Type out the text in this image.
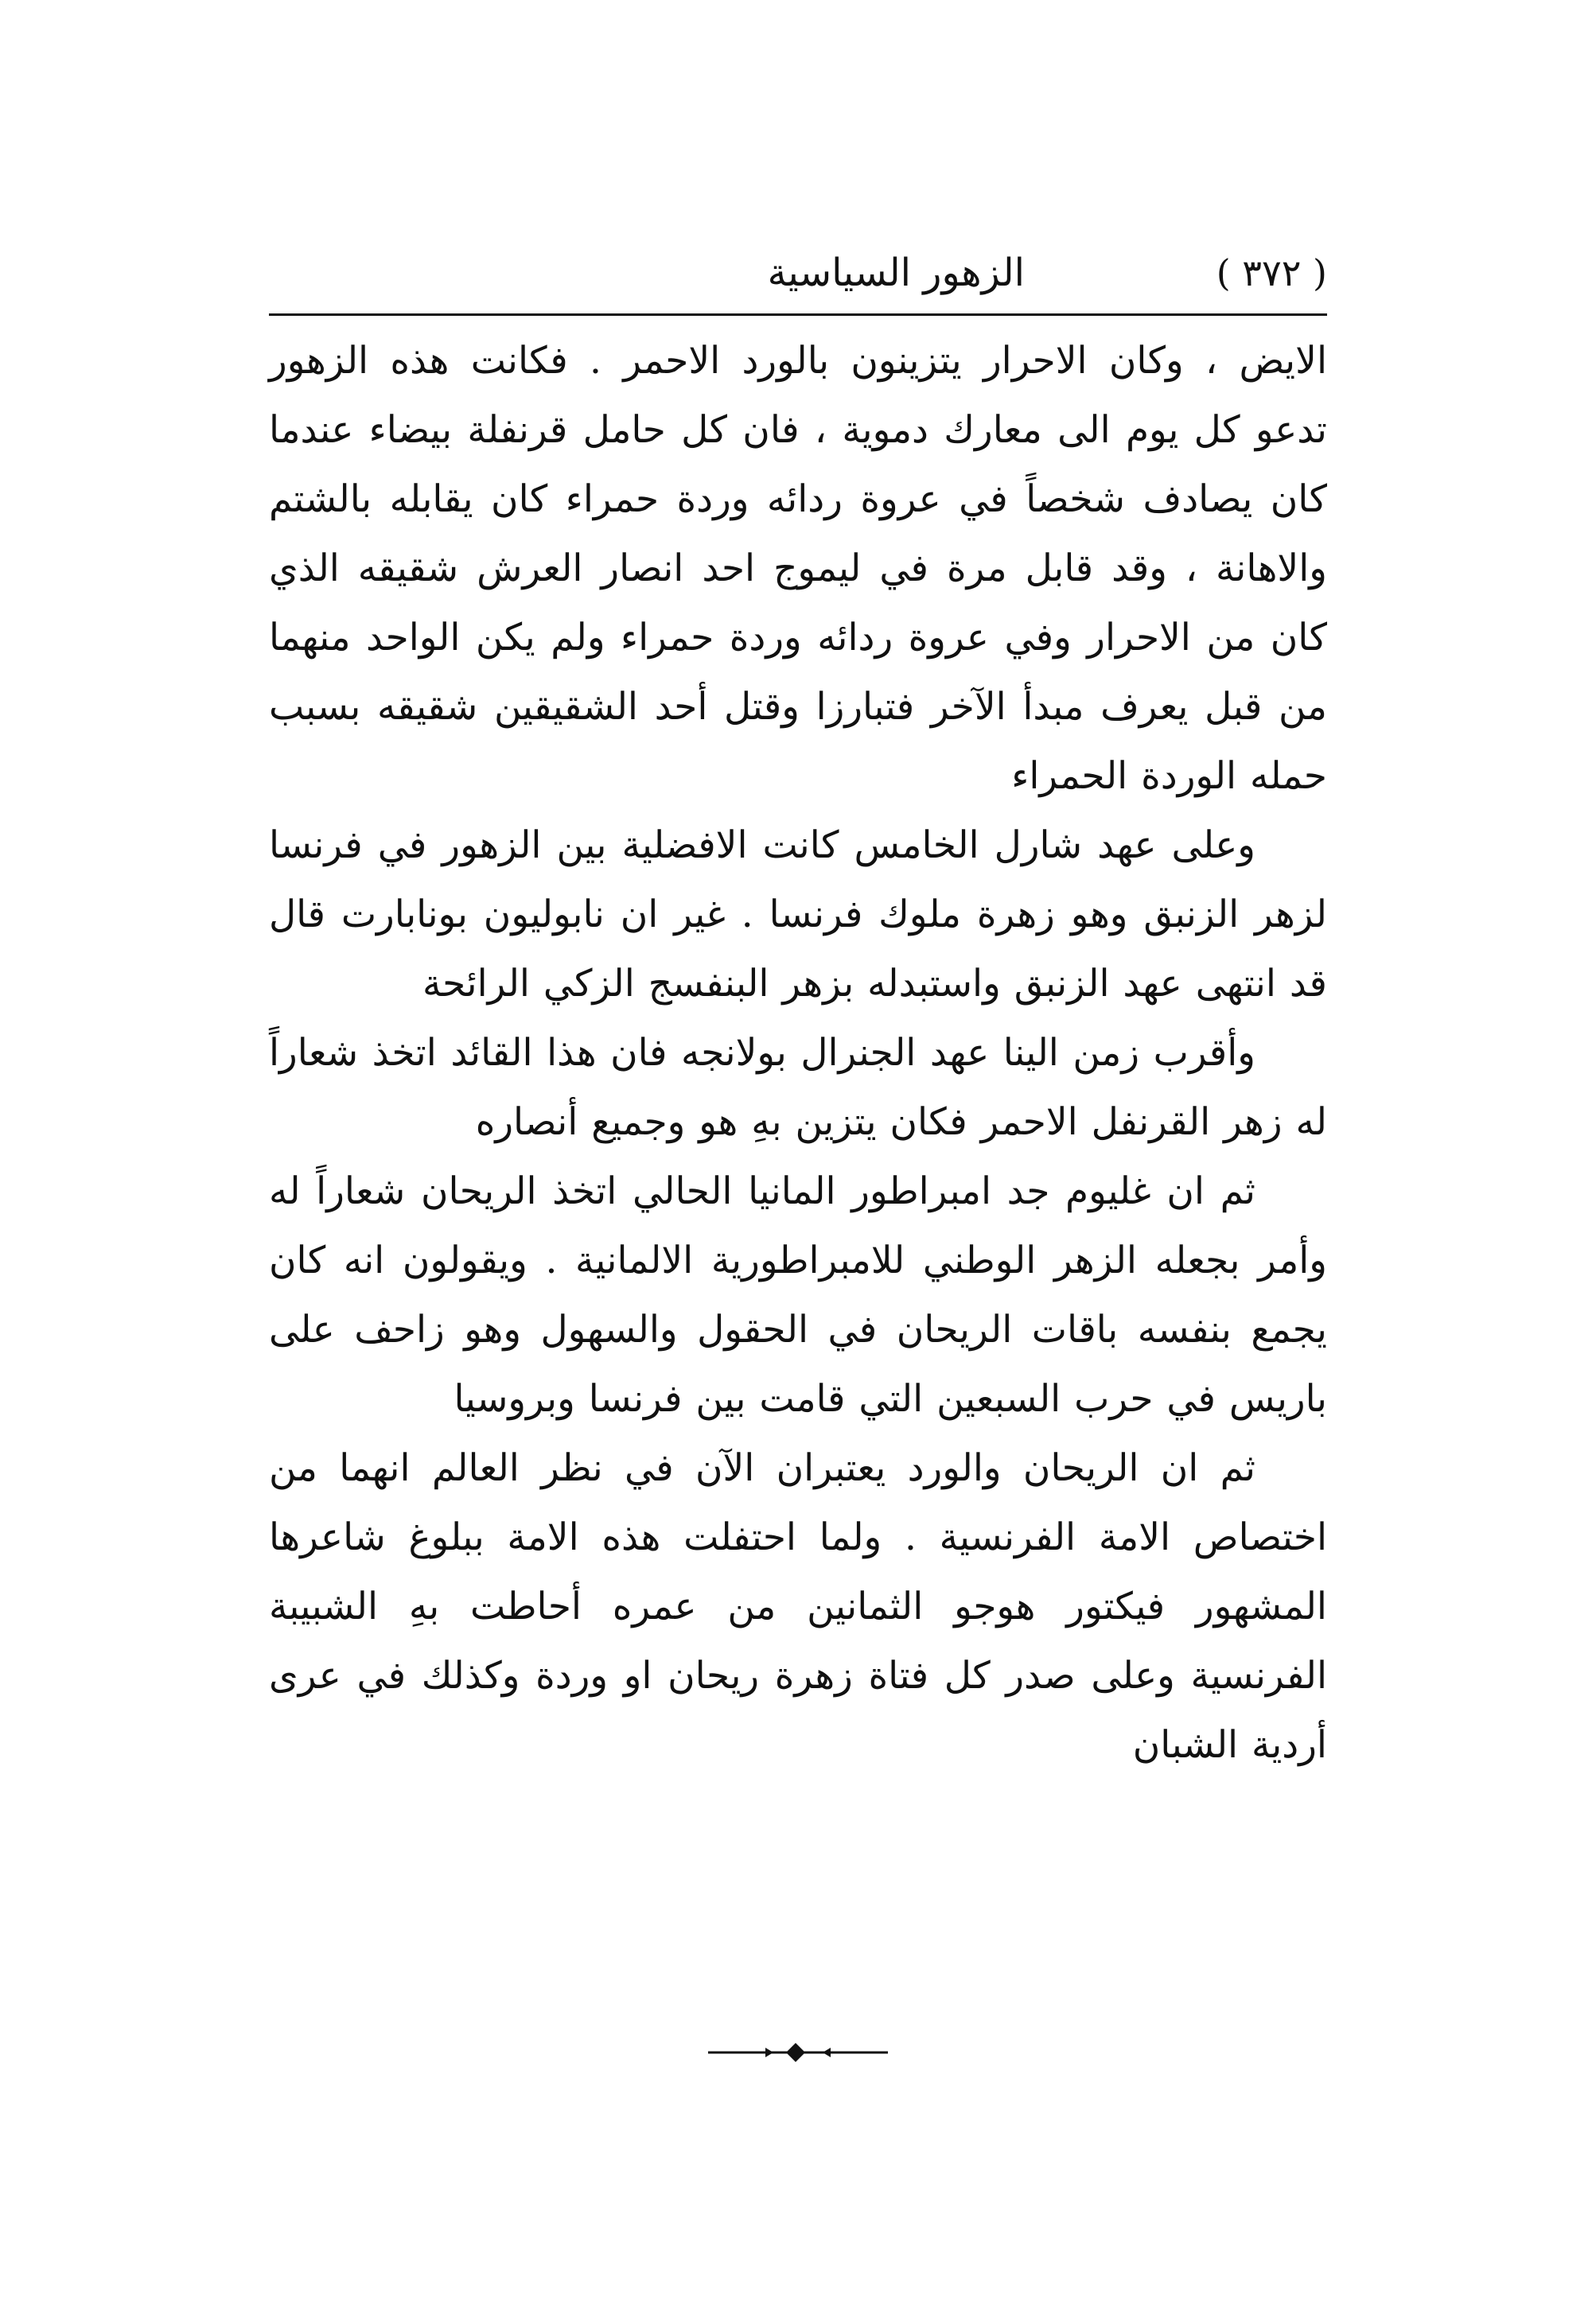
( ٣٧٢ )
الزهور السياسية

الايض ، وكان الاحرار يتزينون بالورد الاحمر . فكانت هذه الزهور تدعو كل يوم الى معارك دموية ، فان كل حامل قرنفلة بيضاء عندما كان يصادف شخصاً في عروة ردائه وردة حمراء كان يقابله بالشتم والاهانة ، وقد قابل مرة في ليموج احد انصار العرش شقيقه الذي كان من الاحرار وفي عروة ردائه وردة حمراء ولم يكن الواحد منهما من قبل يعرف مبدأ الآخر فتبارزا وقتل أحد الشقيقين شقيقه بسبب حمله الوردة الحمراء

وعلى عهد شارل الخامس كانت الافضلية بين الزهور في فرنسا لزهر الزنبق وهو زهرة ملوك فرنسا . غير ان نابوليون بونابارت قال قد انتهى عهد الزنبق واستبدله بزهر البنفسج الزكي الرائحة

وأقرب زمن الينا عهد الجنرال بولانجه فان هذا القائد اتخذ شعاراً له زهر القرنفل الاحمر فكان يتزين بهِ هو وجميع أنصاره

ثم ان غليوم جد امبراطور المانيا الحالي اتخذ الريحان شعاراً له وأمر بجعله الزهر الوطني للامبراطورية الالمانية . ويقولون انه كان يجمع بنفسه باقات الريحان في الحقول والسهول وهو زاحف على باريس في حرب السبعين التي قامت بين فرنسا وبروسيا

ثم ان الريحان والورد يعتبران الآن في نظر العالم انهما من اختصاص الامة الفرنسية . ولما احتفلت هذه الامة ببلوغ شاعرها المشهور فيكتور هوجو الثمانين من عمره أحاطت بهِ الشبيبة الفرنسية وعلى صدر كل فتاة زهرة ريحان او وردة وكذلك في عرى أردية الشبان
